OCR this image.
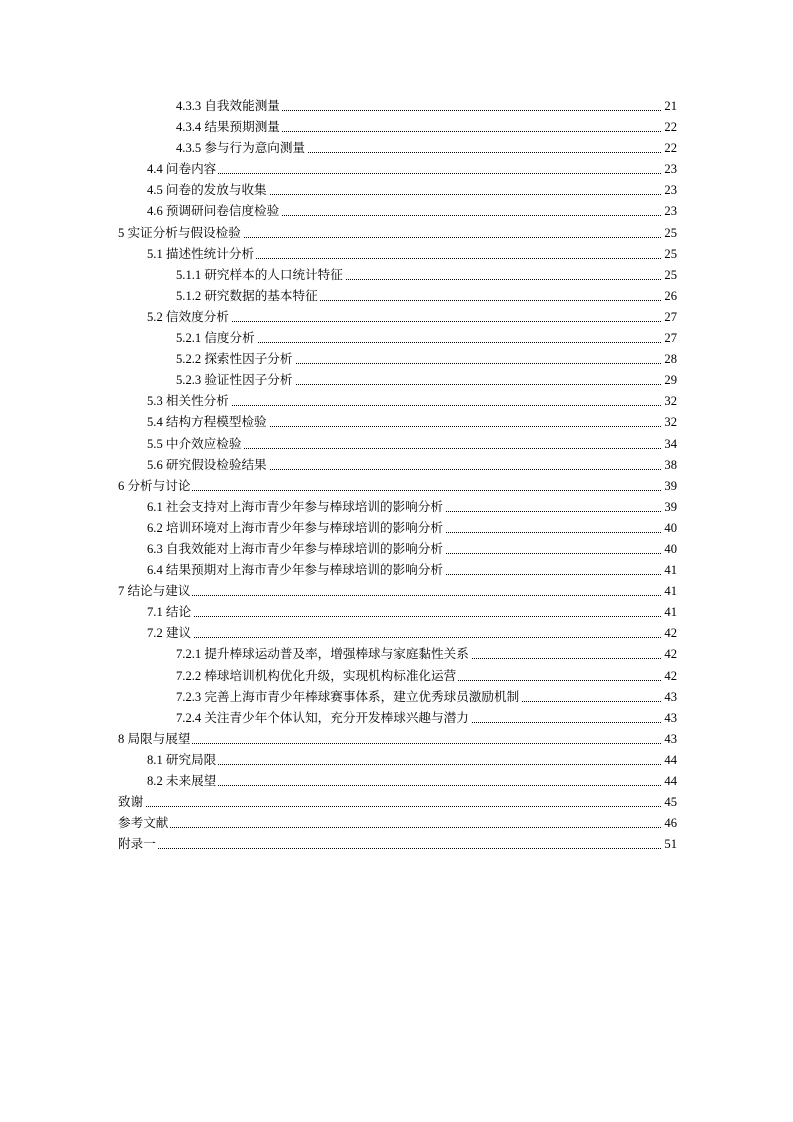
4.3.3 自我效能测量	21
4.3.4 结果预期测量	22
4.3.5 参与行为意向测量	22
4.4 问卷内容	23
4.5 问卷的发放与收集	23
4.6 预调研问卷信度检验	23
5 实证分析与假设检验	25
5.1 描述性统计分析	25
5.1.1 研究样本的人口统计特征	25
5.1.2 研究数据的基本特征	26
5.2 信效度分析	27
5.2.1 信度分析	27
5.2.2 探索性因子分析	28
5.2.3 验证性因子分析	29
5.3 相关性分析	32
5.4 结构方程模型检验	32
5.5 中介效应检验	34
5.6 研究假设检验结果	38
6 分析与讨论	39
6.1 社会支持对上海市青少年参与棒球培训的影响分析	39
6.2 培训环境对上海市青少年参与棒球培训的影响分析	40
6.3 自我效能对上海市青少年参与棒球培训的影响分析	40
6.4 结果预期对上海市青少年参与棒球培训的影响分析	41
7 结论与建议	41
7.1 结论	41
7.2 建议	42
7.2.1 提升棒球运动普及率，增强棒球与家庭黏性关系	42
7.2.2 棒球培训机构优化升级，实现机构标准化运营	42
7.2.3 完善上海市青少年棒球赛事体系，建立优秀球员激励机制	43
7.2.4 关注青少年个体认知，充分开发棒球兴趣与潜力	43
8 局限与展望	43
8.1 研究局限	44
8.2 未来展望	44
致谢	45
参考文献	46
附录一	51
